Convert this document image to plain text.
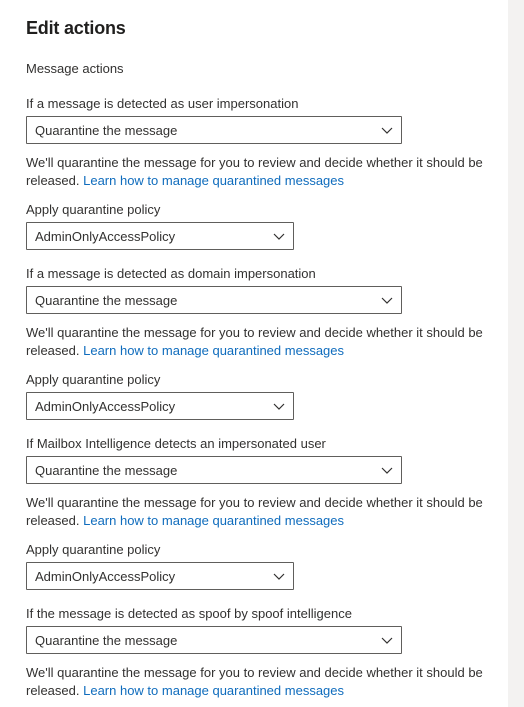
Edit actions
Message actions
If a message is detected as user impersonation
Quarantine the message
We'll quarantine the message for you to review and decide whether it should be released. Learn how to manage quarantined messages
Apply quarantine policy
AdminOnlyAccessPolicy
If a message is detected as domain impersonation
Quarantine the message
We'll quarantine the message for you to review and decide whether it should be released. Learn how to manage quarantined messages
Apply quarantine policy
AdminOnlyAccessPolicy
If Mailbox Intelligence detects an impersonated user
Quarantine the message
We'll quarantine the message for you to review and decide whether it should be released. Learn how to manage quarantined messages
Apply quarantine policy
AdminOnlyAccessPolicy
If the message is detected as spoof by spoof intelligence
Quarantine the message
We'll quarantine the message for you to review and decide whether it should be released. Learn how to manage quarantined messages
